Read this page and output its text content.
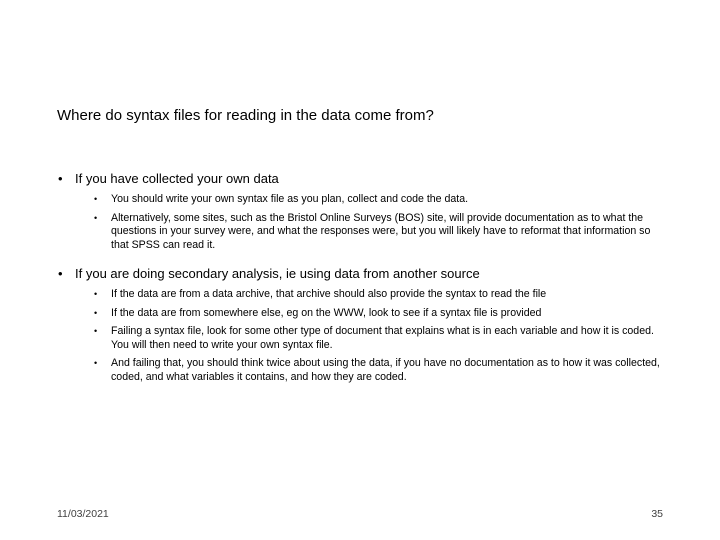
Where do syntax files for reading in the data come from?
• If you have collected your own data
• You should write your own syntax file as you plan, collect and code the data.
• Alternatively, some sites, such as the Bristol Online Surveys (BOS) site, will provide documentation as to what the questions in your survey were, and what the responses were, but you will likely have to reformat that information so that SPSS can read it.
• If you are doing secondary analysis, ie using data from another source
• If the data are from a data archive, that archive should also provide the syntax to read the file
• If the data are from somewhere else, eg on the WWW, look to see if a syntax file is provided
• Failing a syntax file, look for some other type of document that explains what is in each variable and how it is coded. You will then need to write your own syntax file.
• And failing that, you should think twice about using the data, if you have no documentation as to how it was collected, coded, and what variables it contains, and how they are coded.
11/03/2021	35
